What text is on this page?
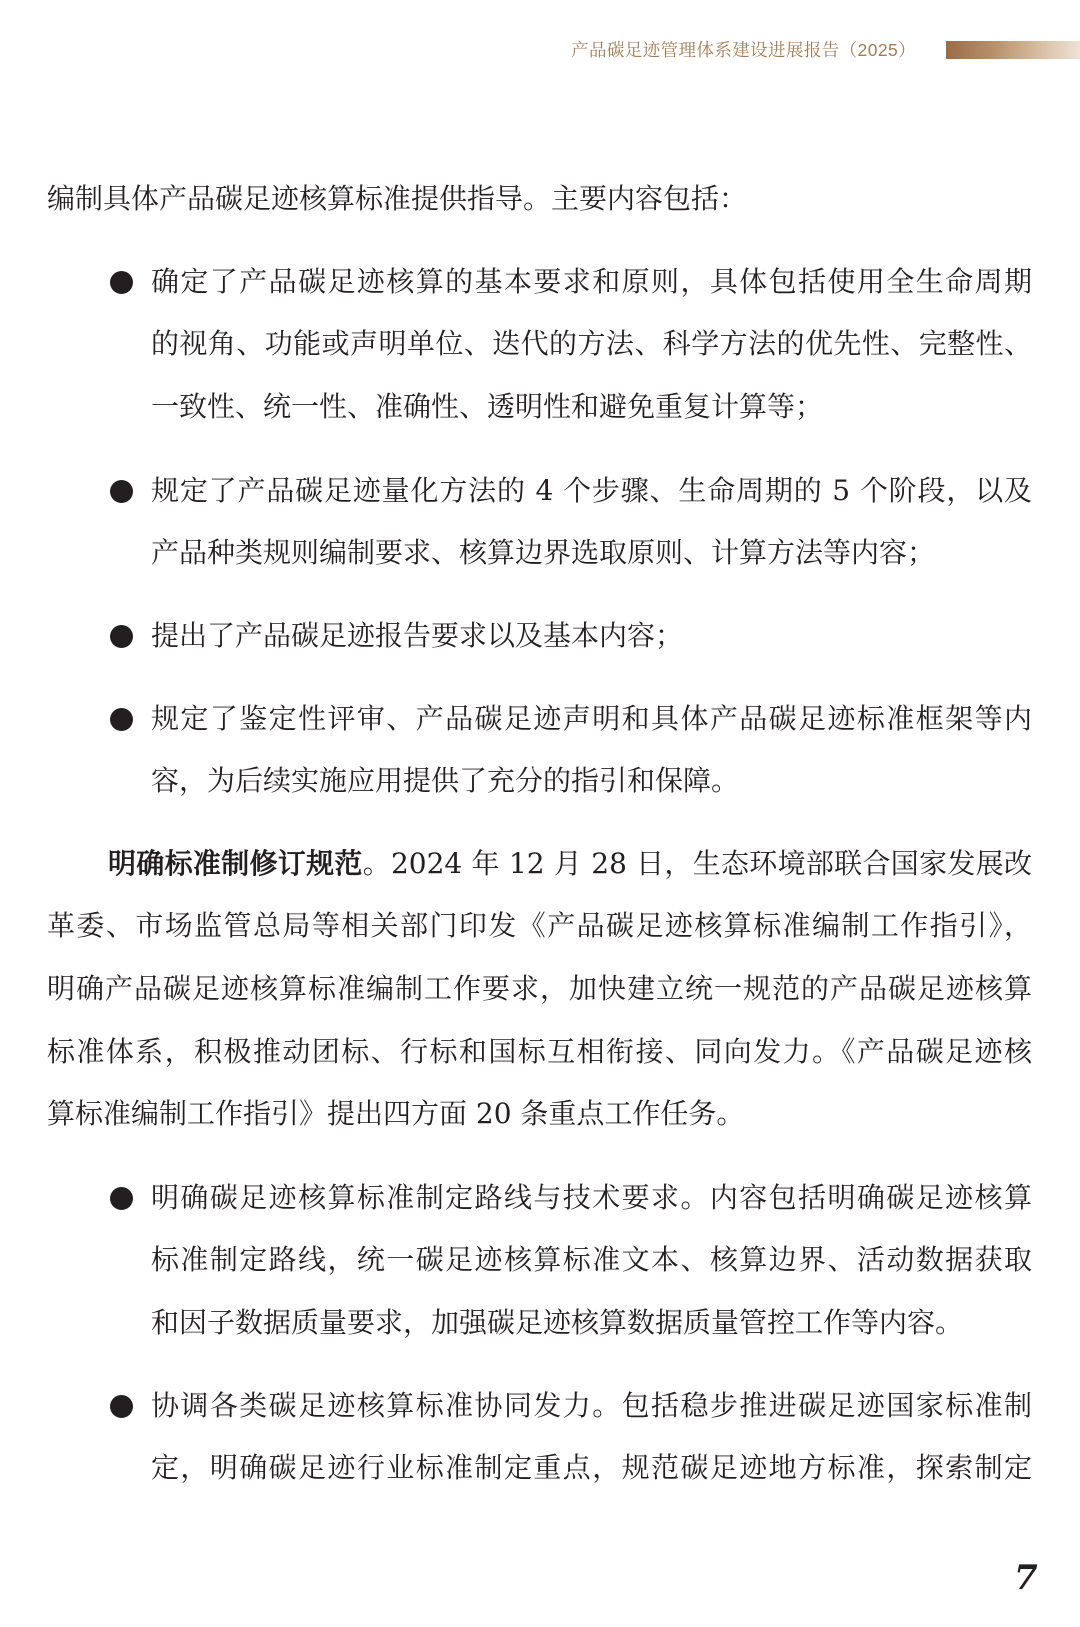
产品碳足迹管理体系建设进展报告（2025）
编制具体产品碳足迹核算标准提供指导。主要内容包括：
确定了产品碳足迹核算的基本要求和原则，具体包括使用全生命周期
的视角、功能或声明单位、迭代的方法、科学方法的优先性、完整性、
一致性、统一性、准确性、透明性和避免重复计算等；
规定了产品碳足迹量化方法的 4 个步骤、生命周期的 5 个阶段，以及
产品种类规则编制要求、核算边界选取原则、计算方法等内容；
提出了产品碳足迹报告要求以及基本内容；
规定了鉴定性评审、产品碳足迹声明和具体产品碳足迹标准框架等内
容，为后续实施应用提供了充分的指引和保障。
明确标准制修订规范。2024 年 12 月 28 日，生态环境部联合国家发展改
革委、市场监管总局等相关部门印发《产品碳足迹核算标准编制工作指引》，
明确产品碳足迹核算标准编制工作要求，加快建立统一规范的产品碳足迹核算
标准体系，积极推动团标、行标和国标互相衔接、同向发力。《产品碳足迹核
算标准编制工作指引》提出四方面 20 条重点工作任务。
明确碳足迹核算标准制定路线与技术要求。内容包括明确碳足迹核算
标准制定路线，统一碳足迹核算标准文本、核算边界、活动数据获取
和因子数据质量要求，加强碳足迹核算数据质量管控工作等内容。
协调各类碳足迹核算标准协同发力。包括稳步推进碳足迹国家标准制
定，明确碳足迹行业标准制定重点，规范碳足迹地方标准，探索制定
7
